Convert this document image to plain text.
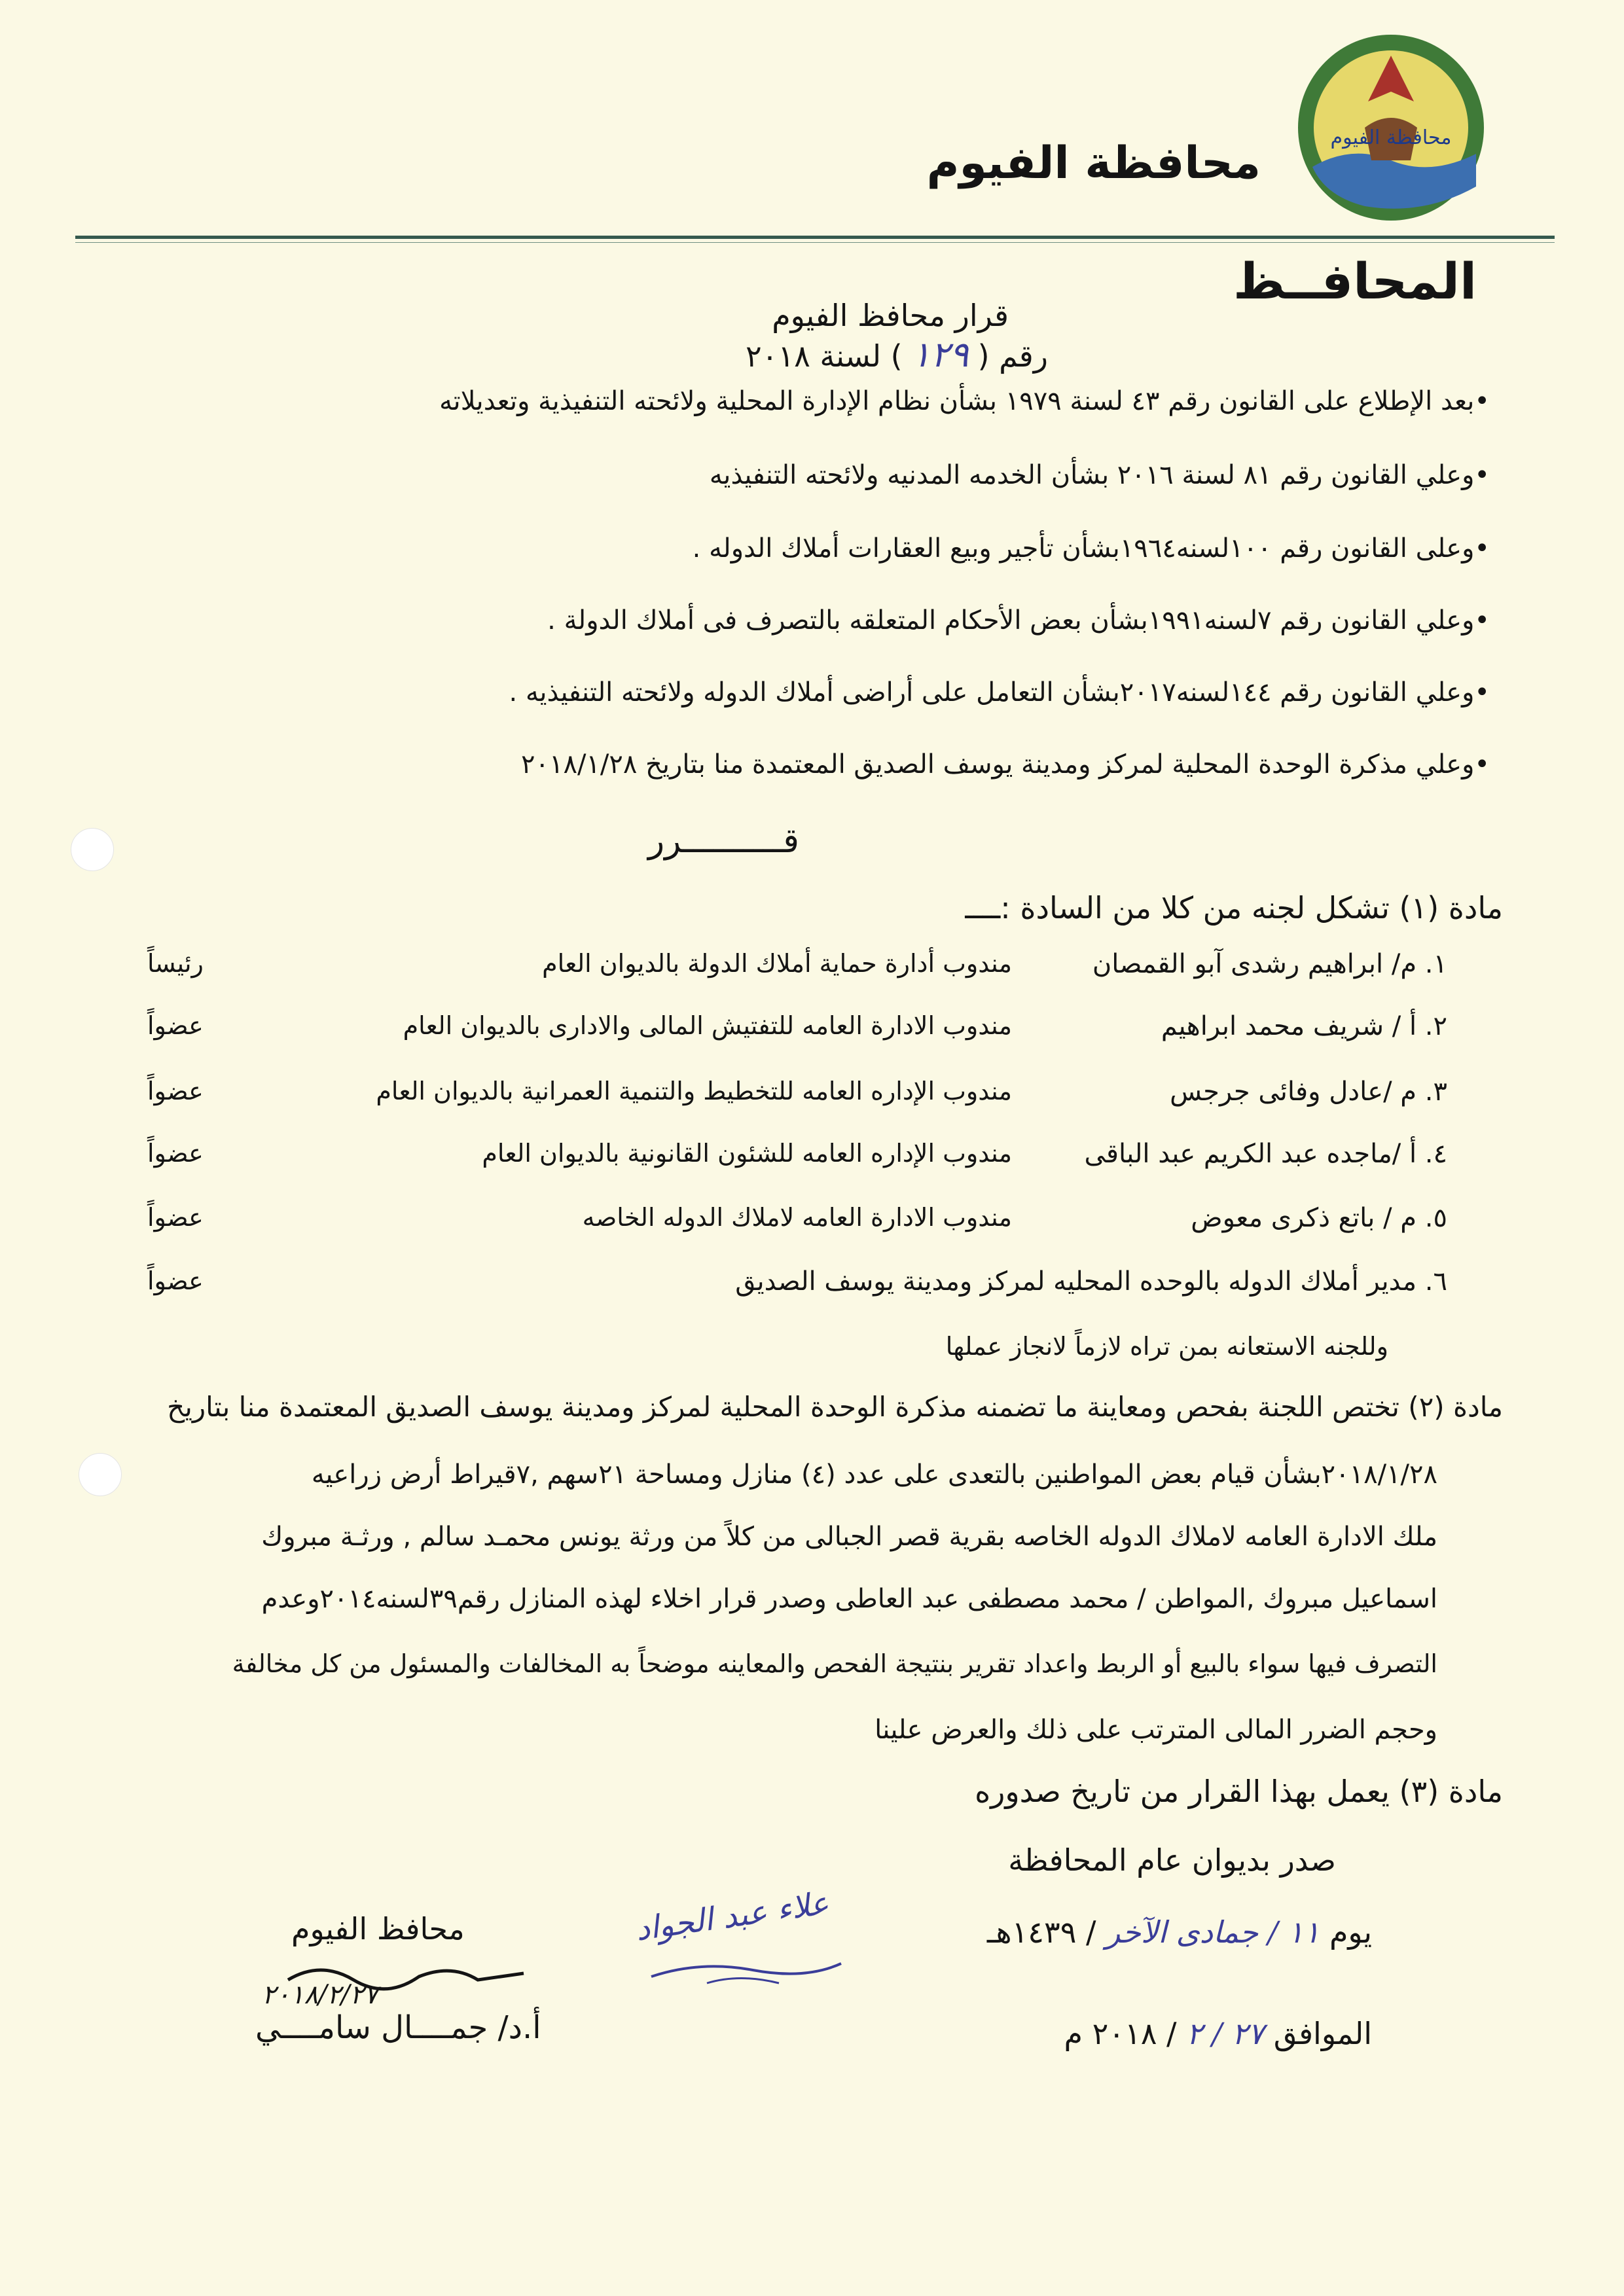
محافظة الفيوم
محافظة الفيوم
المحافــظ
قرار محافظ الفيوم
رقم (١٢٩) لسنة ٢٠١٨
•بعد الإطلاع على القانون رقم ٤٣ لسنة ١٩٧٩ بشأن نظام الإدارة المحلية ولائحته التنفيذية وتعديلاته
•وعلي القانون رقم ٨١ لسنة ٢٠١٦ بشأن الخدمه المدنيه ولائحته التنفيذيه
•وعلى القانون رقم ١٠٠لسنه١٩٦٤بشأن تأجير وبيع العقارات أملاك الدوله .
•وعلي القانون رقم ٧لسنه١٩٩١بشأن بعض الأحكام المتعلقه بالتصرف فى أملاك الدولة .
•وعلي القانون رقم ١٤٤لسنه٢٠١٧بشأن التعامل على أراضى أملاك الدوله ولائحته التنفيذيه .
•وعلي مذكرة الوحدة المحلية لمركز ومدينة يوسف الصديق المعتمدة منا بتاريخ ٢٠١٨/١/٢٨
قــــــــــرر
مادة (١) تشكل لجنه من كلا من السادة :ــــ
١. م/ ابراهيم رشدى آبو القمصان
مندوب أدارة حماية أملاك الدولة بالديوان العام
رئيساً
٢. أ / شريف محمد ابراهيم
مندوب الادارة العامه للتفتيش المالى والادارى بالديوان العام
عضواً
٣. م /عادل وفائى جرجس
مندوب الإداره العامه للتخطيط والتنمية العمرانية بالديوان العام
عضواً
٤. أ /ماجده عبد الكريم عبد الباقى
مندوب الإداره العامه للشئون القانونية بالديوان العام
عضواً
٥. م / باتع ذكرى معوض
مندوب الادارة العامه لاملاك الدوله الخاصه
عضواً
٦. مدير أملاك الدوله بالوحده المحليه لمركز ومدينة يوسف الصديق
عضواً
وللجنه الاستعانه بمن تراه لازماً لانجاز عملها
مادة (٢) تختص اللجنة بفحص ومعاينة ما تضمنه مذكرة الوحدة المحلية لمركز ومدينة يوسف الصديق المعتمدة منا بتاريخ
٢٠١٨/١/٢٨بشأن قيام بعض المواطنين بالتعدى على عدد (٤) منازل ومساحة ٢١سهم ,٧قيراط أرض زراعيه
ملك الادارة العامه لاملاك الدوله الخاصه بقرية قصر الجبالى من كلاً من ورثة يونس محمـد سالم , ورثـة مبروك
اسماعيل مبروك ,المواطن / محمد مصطفى عبد العاطى وصدر قرار اخلاء لهذه المنازل رقم٣٩لسنه٢٠١٤وعدم
التصرف فيها سواء بالبيع أو الربط واعداد تقرير بنتيجة الفحص والمعاينه موضحاً به المخالفات والمسئول من كل مخالفة
وحجم الضرر المالى المترتب على ذلك والعرض علينا
مادة (٣) يعمل بهذا القرار من تاريخ صدوره
صدر بديوان عام المحافظة
يوم ١١ / جمادى الآخر / ١٤٣٩هـ
الموافق ٢٧ / ٢ / ٢٠١٨ م
علاء عبد الجواد
محافظ الفيوم
٢٠١٨/٢/٢٧
أ.د/ جمــــال سامــــي
